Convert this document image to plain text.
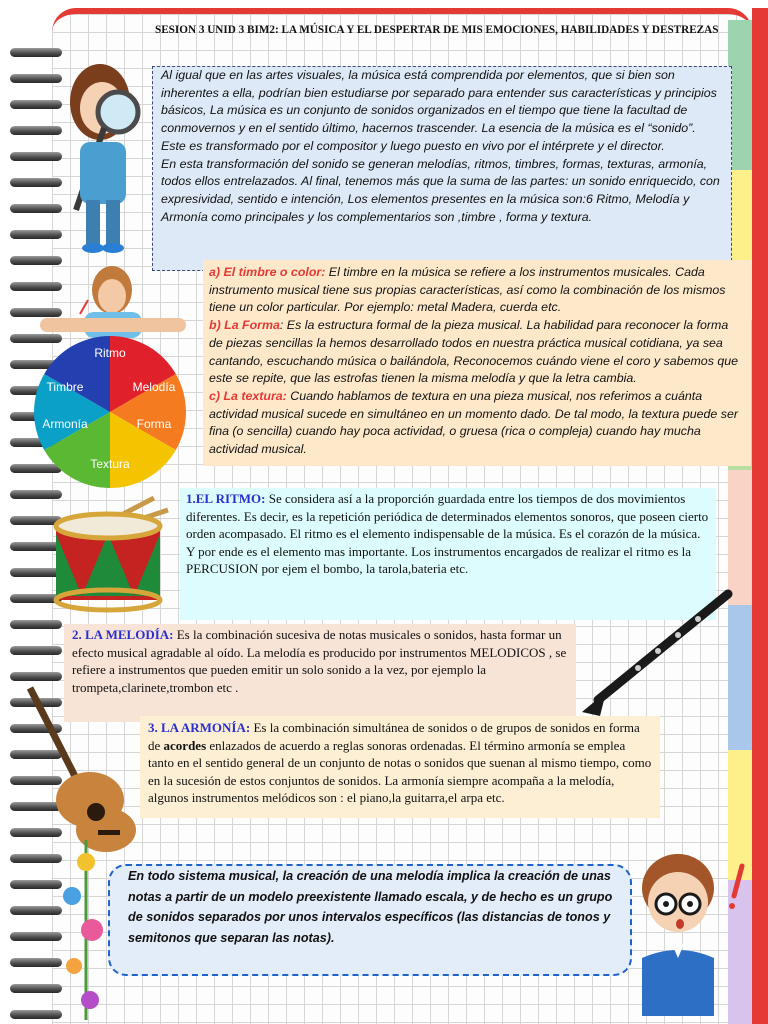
SESION 3 UNID 3 BIM2: LA MÚSICA Y EL DESPERTAR DE MIS EMOCIONES, HABILIDADES Y DESTREZAS

Al igual que en las artes visuales, la música está comprendida por elementos, que si bien son inherentes a ella, podrían bien estudiarse por separado para entender sus características y principios básicos, La música es un conjunto de sonidos organizados en el tiempo que tiene la facultad de conmovernos y en el sentido último, hacernos trascender. La esencia de la música es el “sonido”. Este es transformado por el compositor y luego puesto en vivo por el intérprete y el director.

En esta transformación del sonido se generan melodías, ritmos, timbres, formas, texturas, armonía, todos ellos entrelazados. Al final, tenemos más que la suma de las partes: un sonido enriquecido, con expresividad, sentido e intención, Los elementos presentes en la música son:6 Ritmo, Melodía y Armonía como principales y los complementarios son ,timbre , forma y textura.

Ritmo
Melodía
Forma
Textura
Armonía
Timbre

a) El timbre o color: El timbre en la música se refiere a los instrumentos musicales. Cada instrumento musical tiene sus propias características, así como la combinación de los mismos tiene un color particular. Por ejemplo: metal Madera, cuerda etc.

b) La Forma: Es la estructura formal de la pieza musical. La habilidad para reconocer la forma de piezas sencillas la hemos desarrollado todos en nuestra práctica musical cotidiana, ya sea cantando, escuchando música o bailándola, Reconocemos cuándo viene el coro y sabemos que este se repite, que las estrofas tienen la misma melodía y que la letra cambia.

c) La textura: Cuando hablamos de textura en una pieza musical, nos referimos a cuánta actividad musical sucede en simultáneo en un momento dado. De tal modo, la textura puede ser fina (o sencilla) cuando hay poca actividad, o gruesa (rica o compleja) cuando hay mucha actividad musical.

1.EL RITMO: Se considera así a la proporción guardada entre los tiempos de dos movimientos diferentes. Es decir, es la repetición periódica de determinados elementos sonoros, que poseen cierto orden acompasado. El ritmo es el elemento indispensable de la música. Es el corazón de la música. Y por ende es el elemento mas importante. Los instrumentos encargados de realizar el ritmo es la PERCUSION por ejem el bombo, la tarola,bateria etc.
2. LA MELODÍA: Es la combinación sucesiva de notas musicales o sonidos, hasta formar un efecto musical agradable al oído. La melodía es producido por instrumentos MELODICOS , se refiere a instrumentos que pueden emitir un solo sonido a la vez, por ejemplo la trompeta,clarinete,trombon etc .
3. LA ARMONÍA: Es la combinación simultánea de sonidos o de grupos de sonidos en forma de acordes enlazados de acuerdo a reglas sonoras ordenadas. El término armonía se emplea tanto en el sentido general de un conjunto de notas o sonidos que suenan al mismo tiempo, como en la sucesión de estos conjuntos de sonidos. La armonía siempre acompaña a la melodía, algunos instrumentos melódicos son : el piano,la guitarra,el arpa etc.
En todo sistema musical, la creación de una melodía implica la creación de unas notas a partir de un modelo preexistente llamado escala, y de hecho es un grupo de sonidos separados por unos intervalos específicos (las distancias de tonos y semitonos que separan las notas).
